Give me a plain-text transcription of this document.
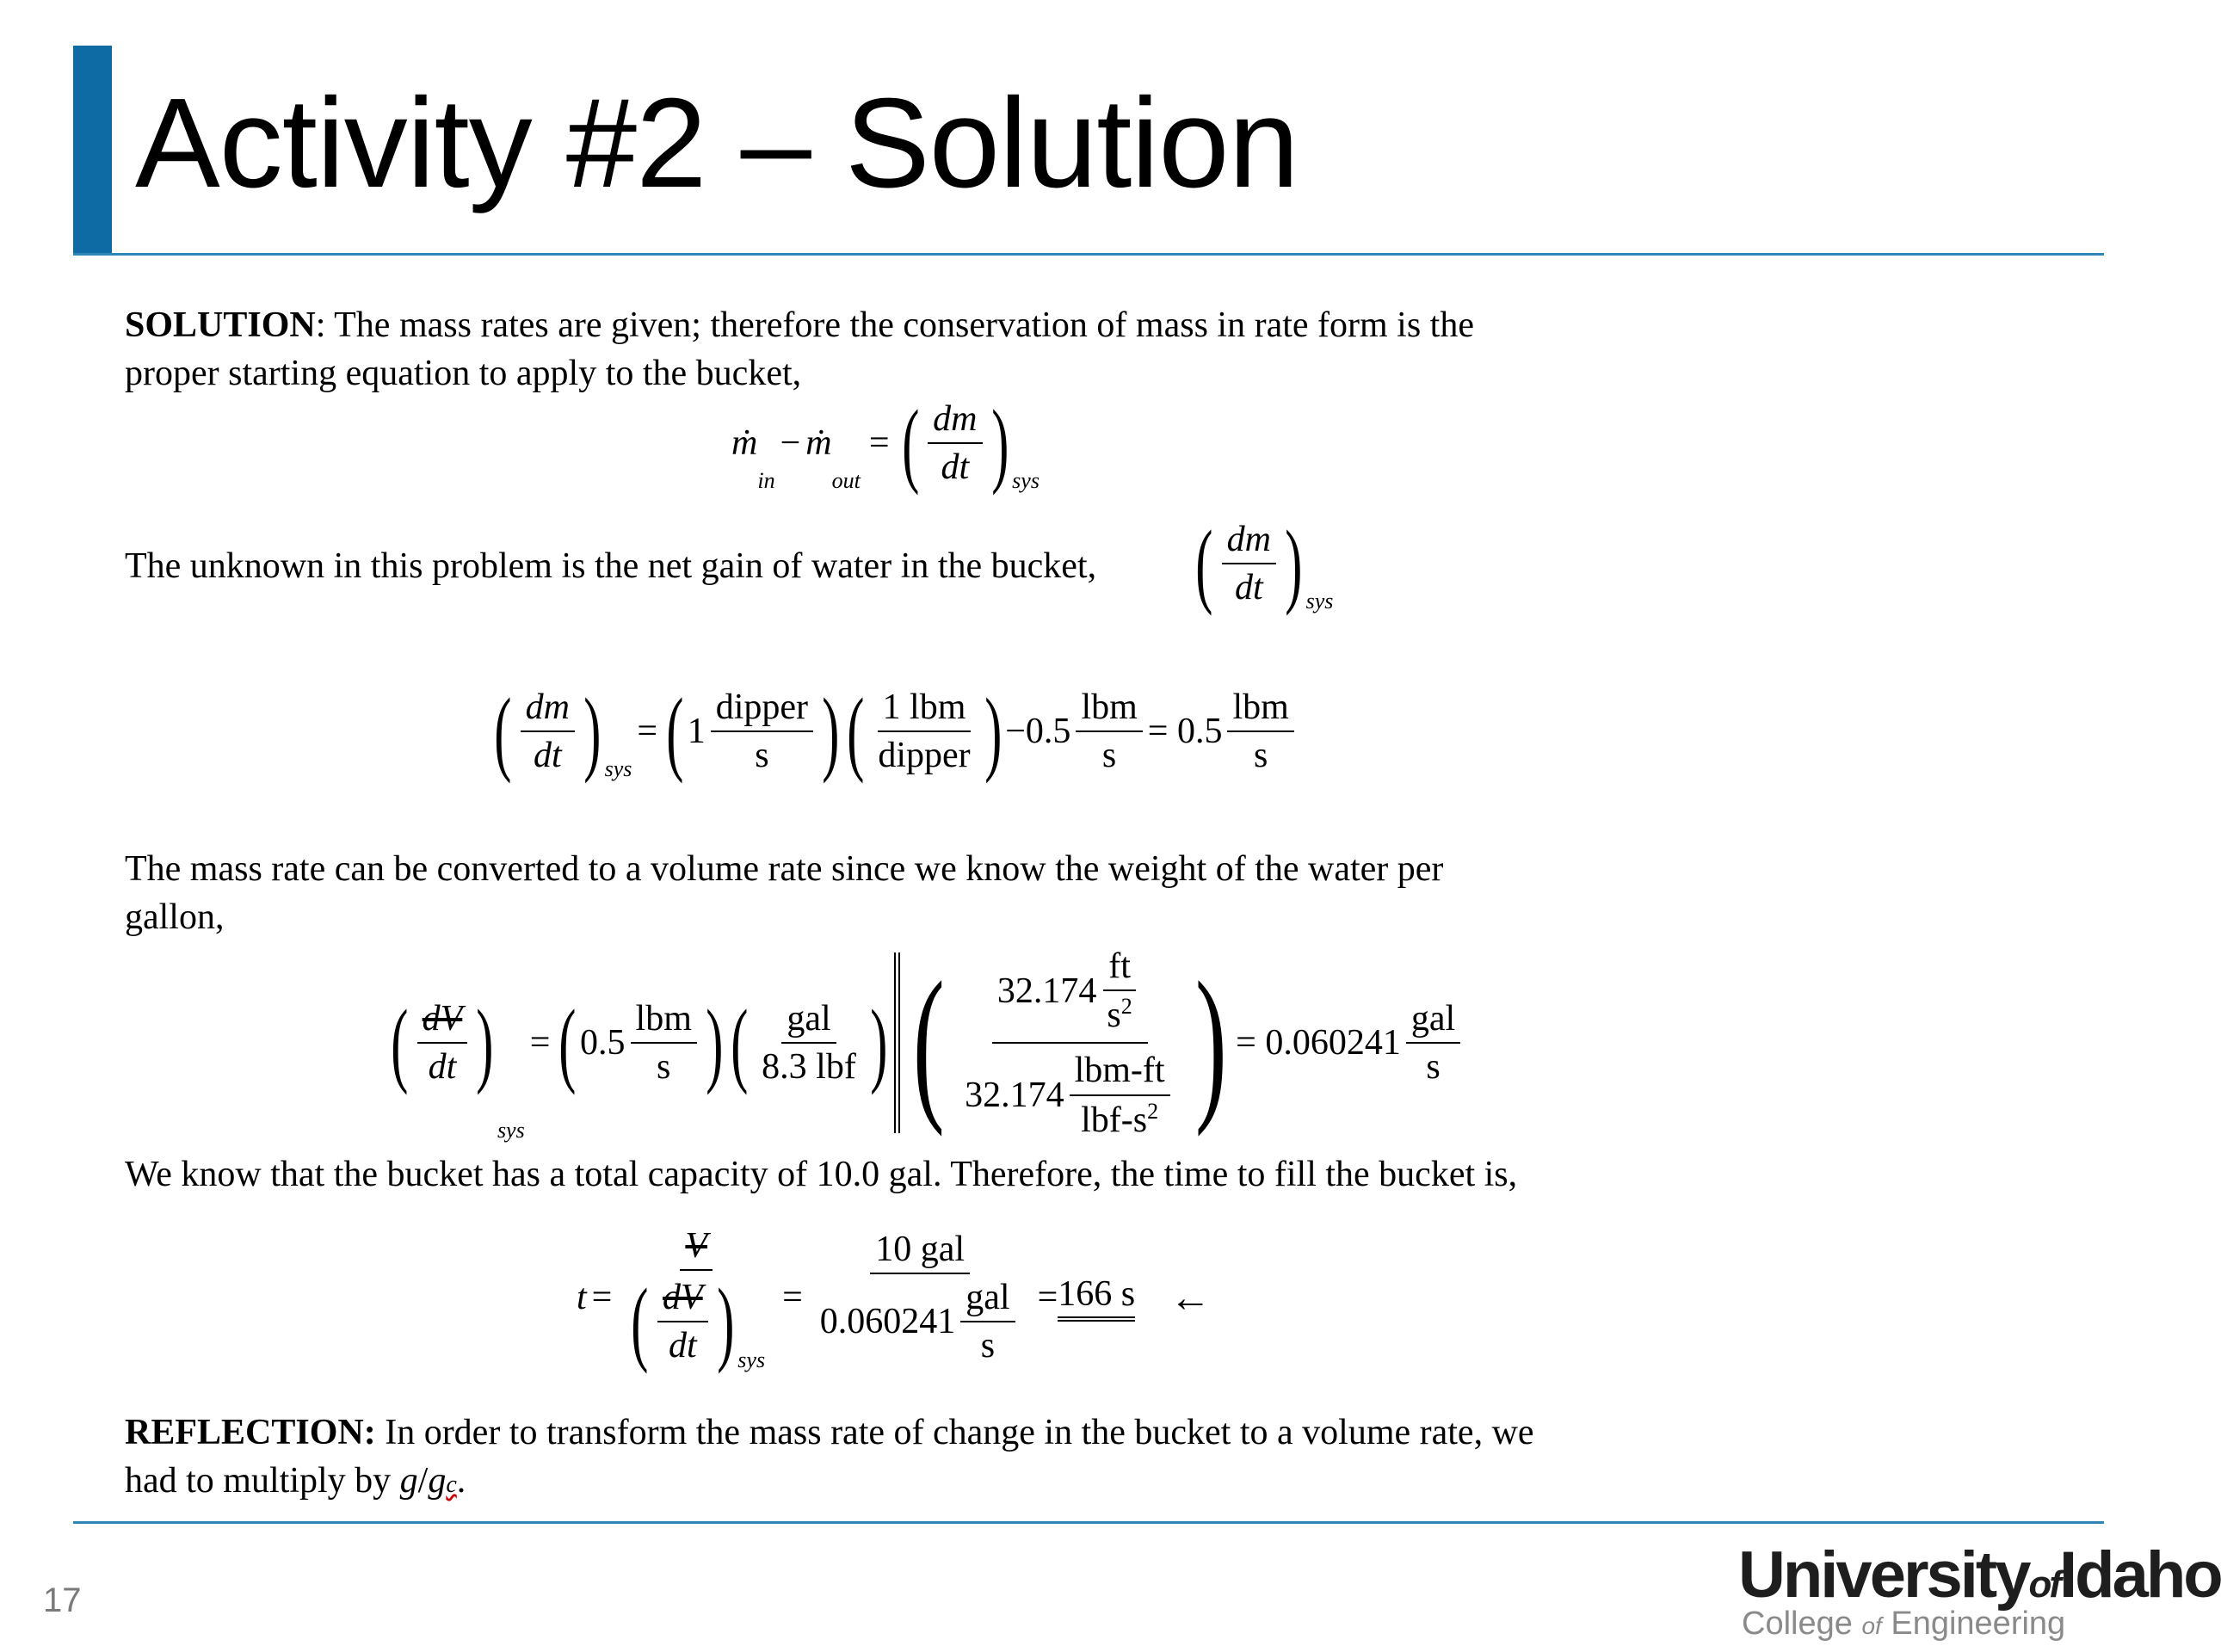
Activity #2 – Solution
SOLUTION: The mass rates are given; therefore the conservation of mass in rate form is the
proper starting equation to apply to the bucket,
ṁ
in
− ṁ
out
= ( $\frac{dm}{dt}$ ) sys
The unknown in this problem is the net gain of water in the bucket, ( $\frac{dm}{dt}$ ) sys
( $\frac{dm}{dt}$ ) sys
= ( $1 \frac{\text{dipper}}{s}$ ) ( $\frac{\text{1 lbm}}{\text{dipper}}$ ) $-0.5 \frac{\text{lbm}}{s} = 0.5 \frac{\text{lbm}}{s}$
The mass rate can be converted to a volume rate since we know the weight of the water per
gallon,
( $\frac{dV}{dt}$ )
sys
= ( $0.5 \frac{\text{lbm}}{s}$ ) ( $\frac{\text{gal}}{\text{8.3 lbf}}$ ) ( $\frac{32.174 \frac{ft}{s^2}}{32.174 \frac{\text{lbm-ft}}{lbf-s^2}}$ ) = $0.060241 \frac{\text{gal}}{s}$
We know that the bucket has a total capacity of 10.0 gal. Therefore, the time to fill the bucket is,
$t = \frac{V}{( \frac{dV}{dt} ) sys} = \frac{\text{10 gal}}{0.060241 \frac{\text{gal}}{s}} = 166$ s ←
REFLECTION: In order to transform the mass rate of change in the bucket to a volume rate, we
had to multiply by g/gc.
17	UniversityofIdaho
College of Engineering
